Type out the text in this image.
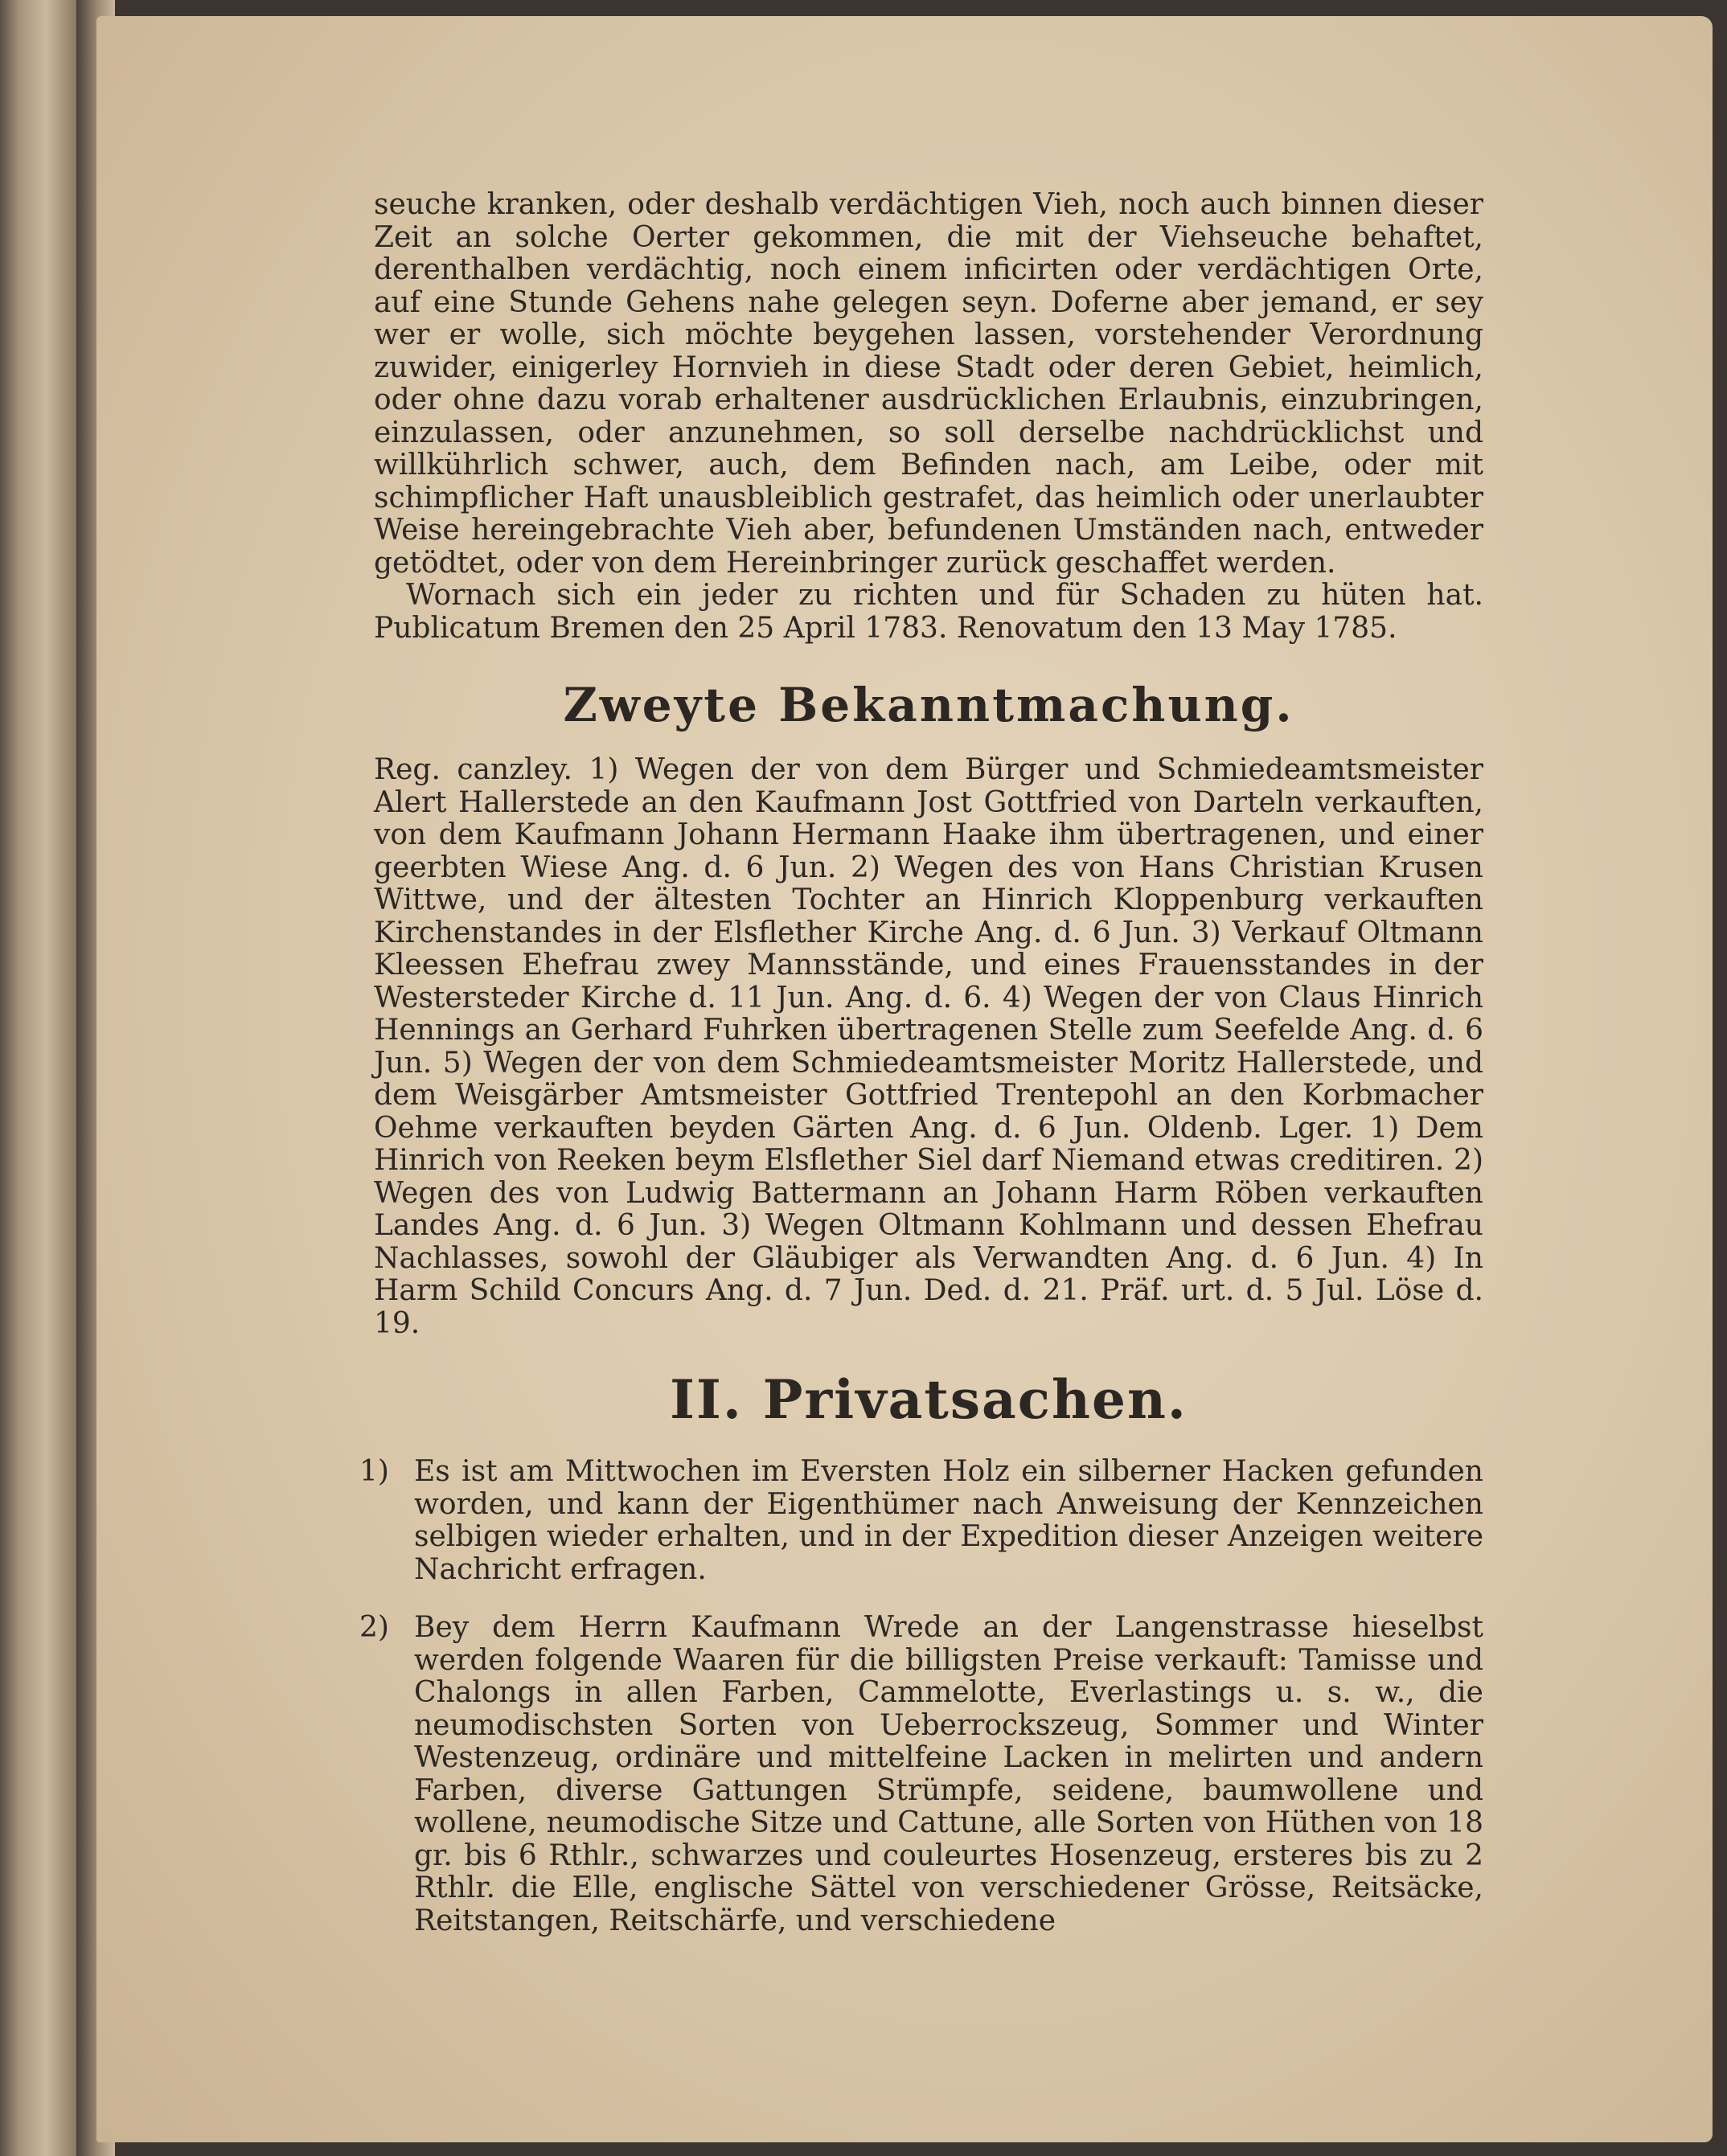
seuche kranken, oder deshalb verdächtigen Vieh, noch auch binnen dieser Zeit an solche Oerter gekommen, die mit der Viehseuche behaftet, derenthalben verdächtig, noch einem inficirten oder verdächtigen Orte, auf eine Stunde Gehens nahe gelegen seyn. Doferne aber jemand, er sey wer er wolle, sich möchte beygehen lassen, vorstehender Verordnung zuwider, einigerley Hornvieh in diese Stadt oder deren Gebiet, heimlich, oder ohne dazu vorab erhaltener ausdrücklichen Erlaubnis, einzubringen, einzulassen, oder anzunehmen, so soll derselbe nachdrücklichst und willkührlich schwer, auch, dem Befinden nach, am Leibe, oder mit schimpflicher Haft unausbleiblich gestrafet, das heimlich oder unerlaubter Weise hereingebrachte Vieh aber, befundenen Umständen nach, entweder getödtet, oder von dem Hereinbringer zurück geschaffet werden.

Wornach sich ein jeder zu richten und für Schaden zu hüten hat. Publicatum Bremen den 25 April 1783. Renovatum den 13 May 1785.

Zweyte Bekanntmachung.

Reg. canzley. 1) Wegen der von dem Bürger und Schmiedeamtsmeister Alert Hallerstede an den Kaufmann Jost Gottfried von Darteln verkauften, von dem Kaufmann Johann Hermann Haake ihm übertragenen, und einer geerbten Wiese Ang. d. 6 Jun. 2) Wegen des von Hans Christian Krusen Wittwe, und der ältesten Tochter an Hinrich Kloppenburg verkauften Kirchenstandes in der Elsflether Kirche Ang. d. 6 Jun. 3) Verkauf Oltmann Kleessen Ehefrau zwey Mannsstände, und eines Frauensstandes in der Westersteder Kirche d. 11 Jun. Ang. d. 6. 4) Wegen der von Claus Hinrich Hennings an Gerhard Fuhrken übertragenen Stelle zum Seefelde Ang. d. 6 Jun. 5) Wegen der von dem Schmiedeamtsmeister Moritz Hallerstede, und dem Weisgärber Amtsmeister Gottfried Trentepohl an den Korbmacher Oehme verkauften beyden Gärten Ang. d. 6 Jun. Oldenb. Lger. 1) Dem Hinrich von Reeken beym Elsflether Siel darf Niemand etwas creditiren. 2) Wegen des von Ludwig Battermann an Johann Harm Röben verkauften Landes Ang. d. 6 Jun. 3) Wegen Oltmann Kohlmann und dessen Ehefrau Nachlasses, sowohl der Gläubiger als Verwandten Ang. d. 6 Jun. 4) In Harm Schild Concurs Ang. d. 7 Jun. Ded. d. 21. Präf. urt. d. 5 Jul. Löse d. 19.

II. Privatsachen.
1) Es ist am Mittwochen im Eversten Holz ein silberner Hacken gefunden worden, und kann der Eigenthümer nach Anweisung der Kennzeichen selbigen wieder erhalten, und in der Expedition dieser Anzeigen weitere Nachricht erfragen.
2) Bey dem Herrn Kaufmann Wrede an der Langenstrasse hieselbst werden folgende Waaren für die billigsten Preise verkauft: Tamisse und Chalongs in allen Farben, Cammelotte, Everlastings u. s. w., die neumodischsten Sorten von Ueberrockszeug, Sommer und Winter Westenzeug, ordinäre und mittelfeine Lacken in melirten und andern Farben, diverse Gattungen Strümpfe, seidene, baumwollene und wollene, neumodische Sitze und Cattune, alle Sorten von Hüthen von 18 gr. bis 6 Rthlr., schwarzes und couleurtes Hosenzeug, ersteres bis zu 2 Rthlr. die Elle, englische Sättel von verschiedener Grösse, Reitsäcke, Reitstangen, Reitschärfe, und verschiedene
